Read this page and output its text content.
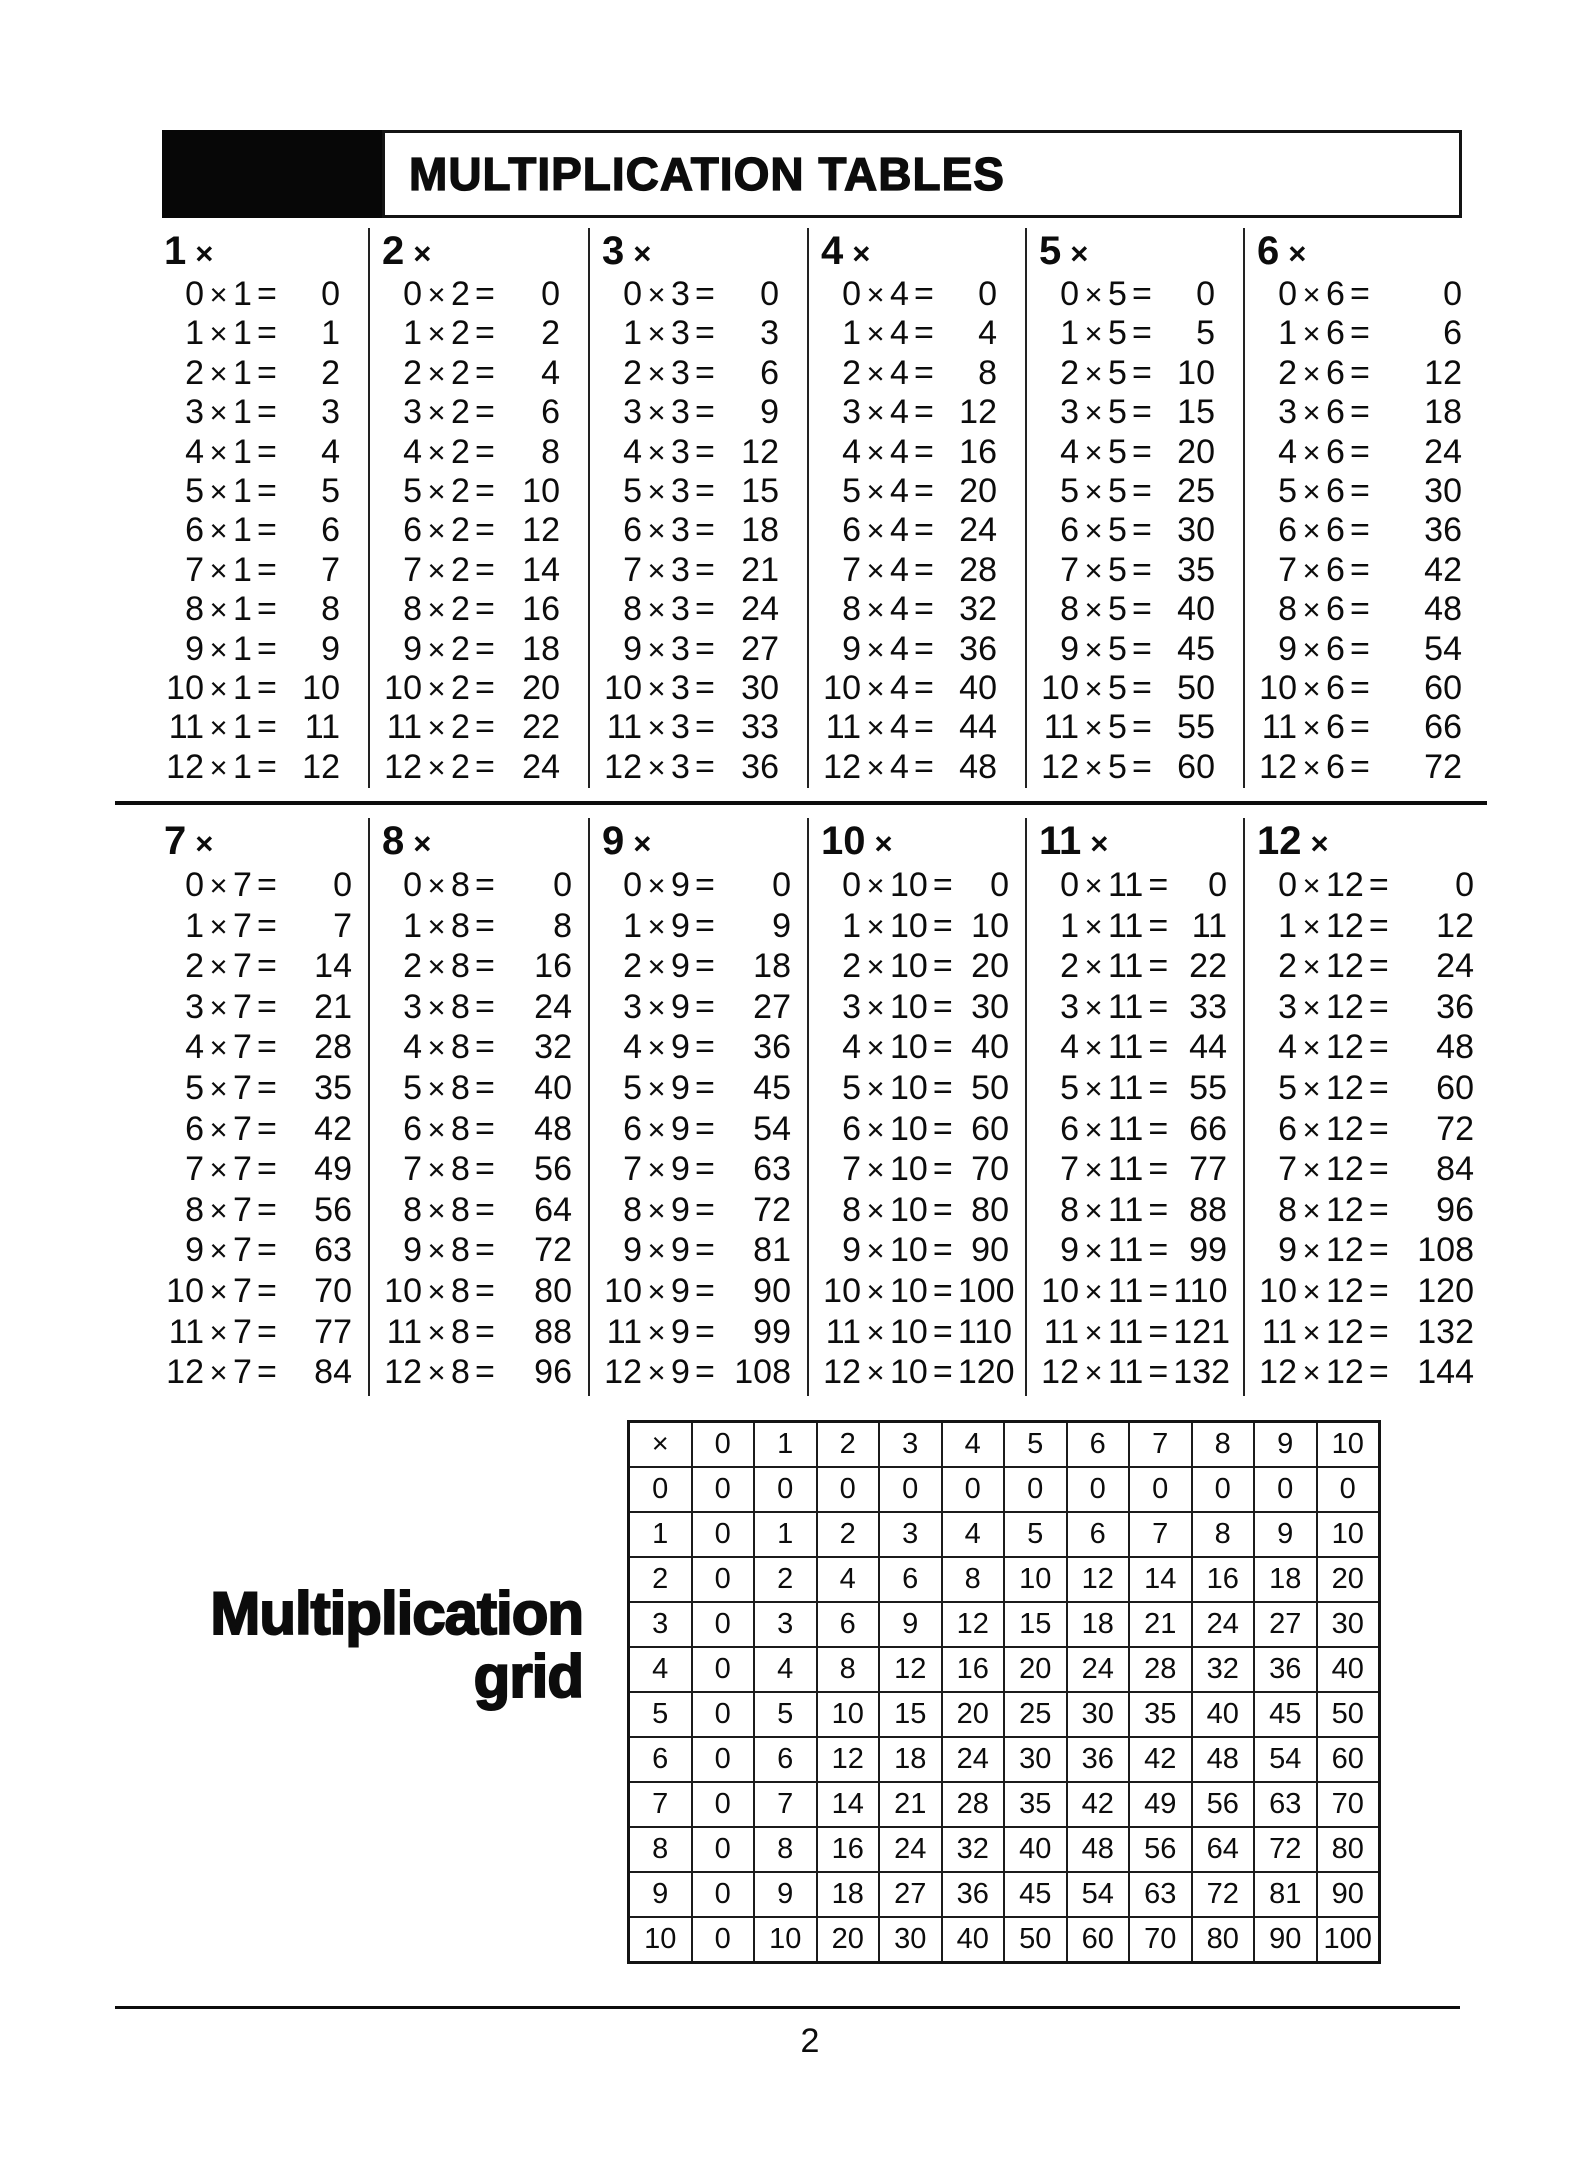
MULTIPLICATION TABLES
1 ×
0 × 1 =	0
1 × 1 =	1
2 × 1 =	2
3 × 1 =	3
4 × 1 =	4
5 × 1 =	5
6 × 1 =	6
7 × 1 =	7
8 × 1 =	8
9 × 1 =	9
10 × 1 = 10
11 × 1 = 11
12 × 1 = 12
2 ×
0 × 2 =	0
1 × 2 =	2
2 × 2 =	4
3 × 2 =	6
4 × 2 =	8
5 × 2 = 10
6 × 2 = 12
7 × 2 = 14
8 × 2 = 16
9 × 2 = 18
10 × 2 = 20
11 × 2 = 22
12 × 2 = 24
3 ×
0 × 3 =	0
1 × 3 =	3
2 × 3 =	6
3 × 3 =	9
4 × 3 = 12
5 × 3 = 15
6 × 3 = 18
7 × 3 = 21
8 × 3 = 24
9 × 3 = 27
10 × 3 = 30
11 × 3 = 33
12 × 3 = 36
4 ×
0 × 4 =	0
1 × 4 =	4
2 × 4 =	8
3 × 4 = 12
4 × 4 = 16
5 × 4 = 20
6 × 4 = 24
7 × 4 = 28
8 × 4 = 32
9 × 4 = 36
10 × 4 = 40
11 × 4 = 44
12 × 4 = 48
5 ×
0 × 5 =	0
1 × 5 =	5
2 × 5 = 10
3 × 5 = 15
4 × 5 = 20
5 × 5 = 25
6 × 5 = 30
7 × 5 = 35
8 × 5 = 40
9 × 5 = 45
10 × 5 = 50
11 × 5 = 55
12 × 5 = 60
6 ×
0 × 6 =	0
1 × 6 =	6
2 × 6 =	12
3 × 6 =	18
4 × 6 =	24
5 × 6 =	30
6 × 6 =	36
7 × 6 =	42
8 × 6 =	48
9 × 6 =	54
10 × 6 =	60
11 × 6 =	66
12 × 6 =	72
7 ×
0 × 7 =	0
1 × 7 =	7
2 × 7 =	14
3 × 7 =	21
4 × 7 =	28
5 × 7 =	35
6 × 7 =	42
7 × 7 =	49
8 × 7 =	56
9 × 7 =	63
10 × 7 =	70
11 × 7 =	77
12 × 7 =	84
8 ×
0 × 8 =	0
1 × 8 =	8
2 × 8 =	16
3 × 8 =	24
4 × 8 =	32
5 × 8 =	40
6 × 8 =	48
7 × 8 =	56
8 × 8 =	64
9 × 8 =	72
10 × 8 =	80
11 × 8 =	88
12 × 8 =	96
9 ×
0 × 9 =	0
1 × 9 =	9
2 × 9 =	18
3 × 9 =	27
4 × 9 =	36
5 × 9 =	45
6 × 9 =	54
7 × 9 =	63
8 × 9 =	72
9 × 9 =	81
10 × 9 =	90
11 × 9 =	99
12 × 9 = 108
10 ×
0 × 10 =	0
1 × 10 = 10
2 × 10 = 20
3 × 10 = 30
4 × 10 = 40
5 × 10 = 50
6 × 10 = 60
7 × 10 = 70
8 × 10 = 80
9 × 10 = 90
10 × 10 = 100
11 × 10 = 110
12 × 10 = 120
11 ×
0 × 11 =	0
1 × 11 = 11
2 × 11 = 22
3 × 11 = 33
4 × 11 = 44
5 × 11 = 55
6 × 11 = 66
7 × 11 = 77
8 × 11 = 88
9 × 11 = 99
10 × 11 = 110
11 × 11 = 121
12 × 11 = 132
12 ×
0 × 12 =	0
1 × 12 =	12
2 × 12 =	24
3 × 12 =	36
4 × 12 =	48
5 × 12 =	60
6 × 12 =	72
7 × 12 =	84
8 × 12 =	96
9 × 12 = 108
10 × 12 = 120
11 × 12 = 132
12 × 12 = 144
Multiplication
grid
×	0	1	2	3	4	5	6	7	8	9	10
0	0	0	0	0	0	0	0	0	0	0	0
1	0	1	2	3	4	5	6	7	8	9	10
2	0	2	4	6	8	10	12	14	16	18	20
3	0	3	6	9	12	15	18	21	24	27	30
4	0	4	8	12	16	20	24	28	32	36	40
5	0	5	10	15	20	25	30	35	40	45	50
6	0	6	12	18	24	30	36	42	48	54	60
7	0	7	14	21	28	35	42	49	56	63	70
8	0	8	16	24	32	40	48	56	64	72	80
9	0	9	18	27	36	45	54	63	72	81	90
10	0	10	20	30	40	50	60	70	80	90	100
2
